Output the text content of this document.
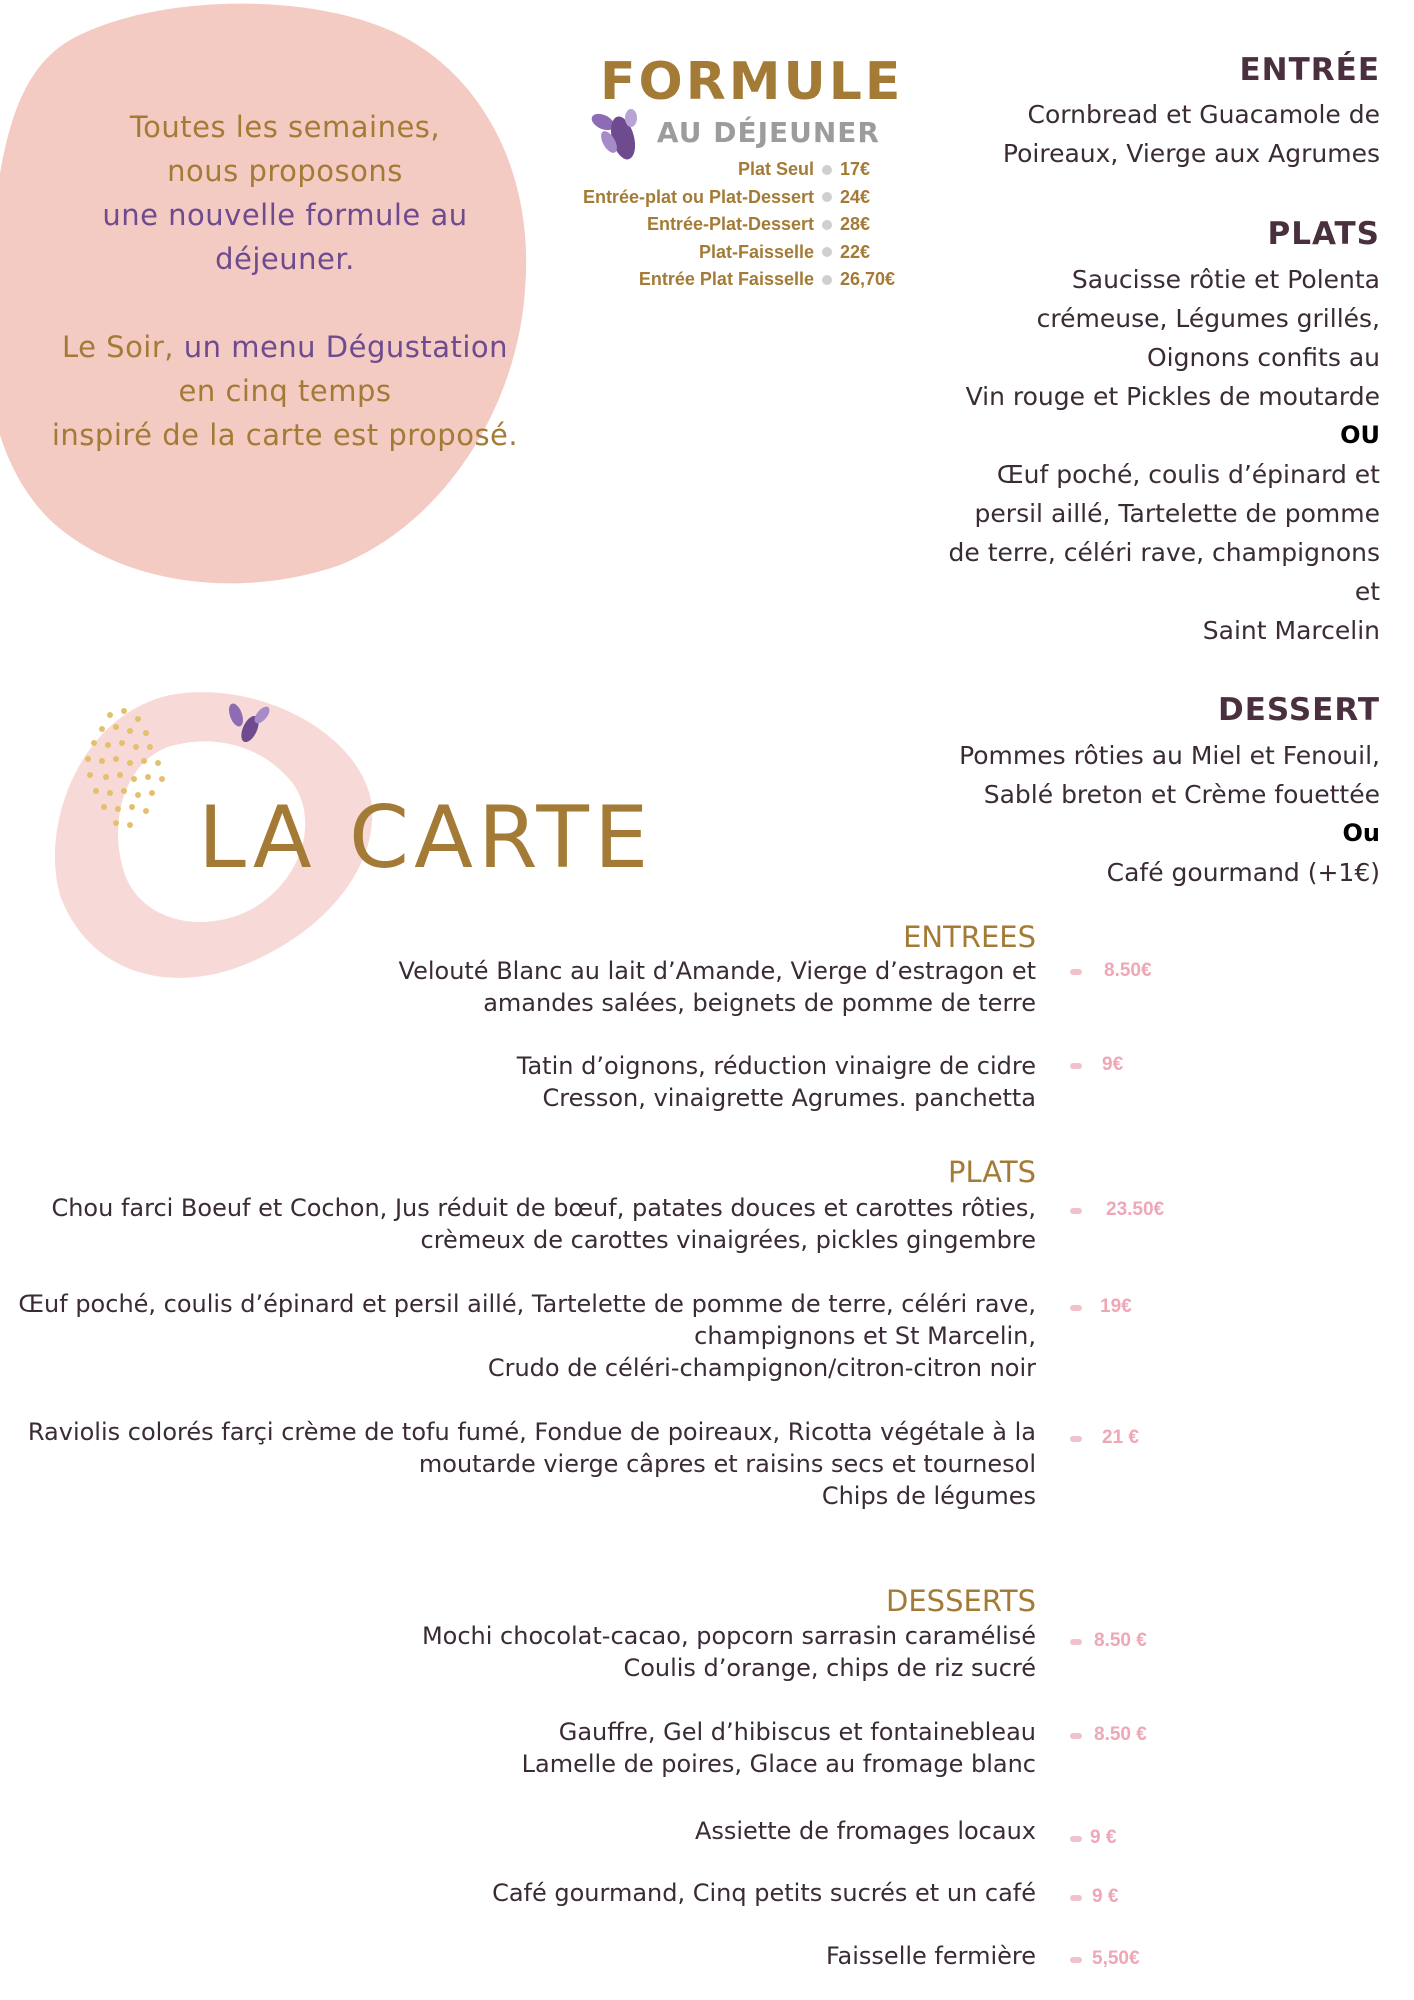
Toutes les semaines,

nous proposons

une nouvelle formule au

déjeuner.

Le Soir, un menu Dégustation

en cinq temps

inspiré de la carte est proposé.

FORMULE
AU DÉJEUNER
Plat Seul 17€
Entrée-plat ou Plat-Dessert 24€
Entrée-Plat-Dessert 28€
Plat-Faisselle 22€
Entrée Plat Faisselle 26,70€
ENTRÉE
Cornbread et Guacamole de
Poireaux, Vierge aux Agrumes
PLATS
Saucisse rôtie et Polenta
crémeuse, Légumes grillés,
Oignons confits au
Vin rouge et Pickles de moutarde
OU
Œuf poché, coulis d’épinard et
persil aillé, Tartelette de pomme
de terre, céléri rave, champignons
et
Saint Marcelin
DESSERT
Pommes rôties au Miel et Fenouil,
Sablé breton et Crème fouettée
Ou
Café gourmand (+1€)
LA CARTE
ENTREES

Velouté Blanc au lait d’Amande, Vierge d’estragon et

amandes salées, beignets de pomme de terre

8.50€

Tatin d’oignons, réduction vinaigre de cidre

Cresson, vinaigrette Agrumes. panchetta

9€
PLATS

Chou farci Boeuf et Cochon, Jus réduit de bœuf, patates douces et carottes rôties,

crèmeux de carottes vinaigrées, pickles gingembre

23.50€

Œuf poché, coulis d’épinard et persil aillé, Tartelette de pomme de terre, céléri rave,

champignons et St Marcelin,

Crudo de céléri-champignon/citron-citron noir

19€

Raviolis colorés farçi crème de tofu fumé, Fondue de poireaux, Ricotta végétale à la

moutarde vierge câpres et raisins secs et tournesol

Chips de légumes

21 €
DESSERTS

Mochi chocolat-cacao, popcorn sarrasin caramélisé

Coulis d’orange, chips de riz sucré

8.50 €

Gauffre, Gel d’hibiscus et fontainebleau

Lamelle de poires, Glace au fromage blanc

8.50 €

Assiette de fromages locaux	9 €

Café gourmand, Cinq petits sucrés et un café	9 €

Faisselle fermière	5,50€
